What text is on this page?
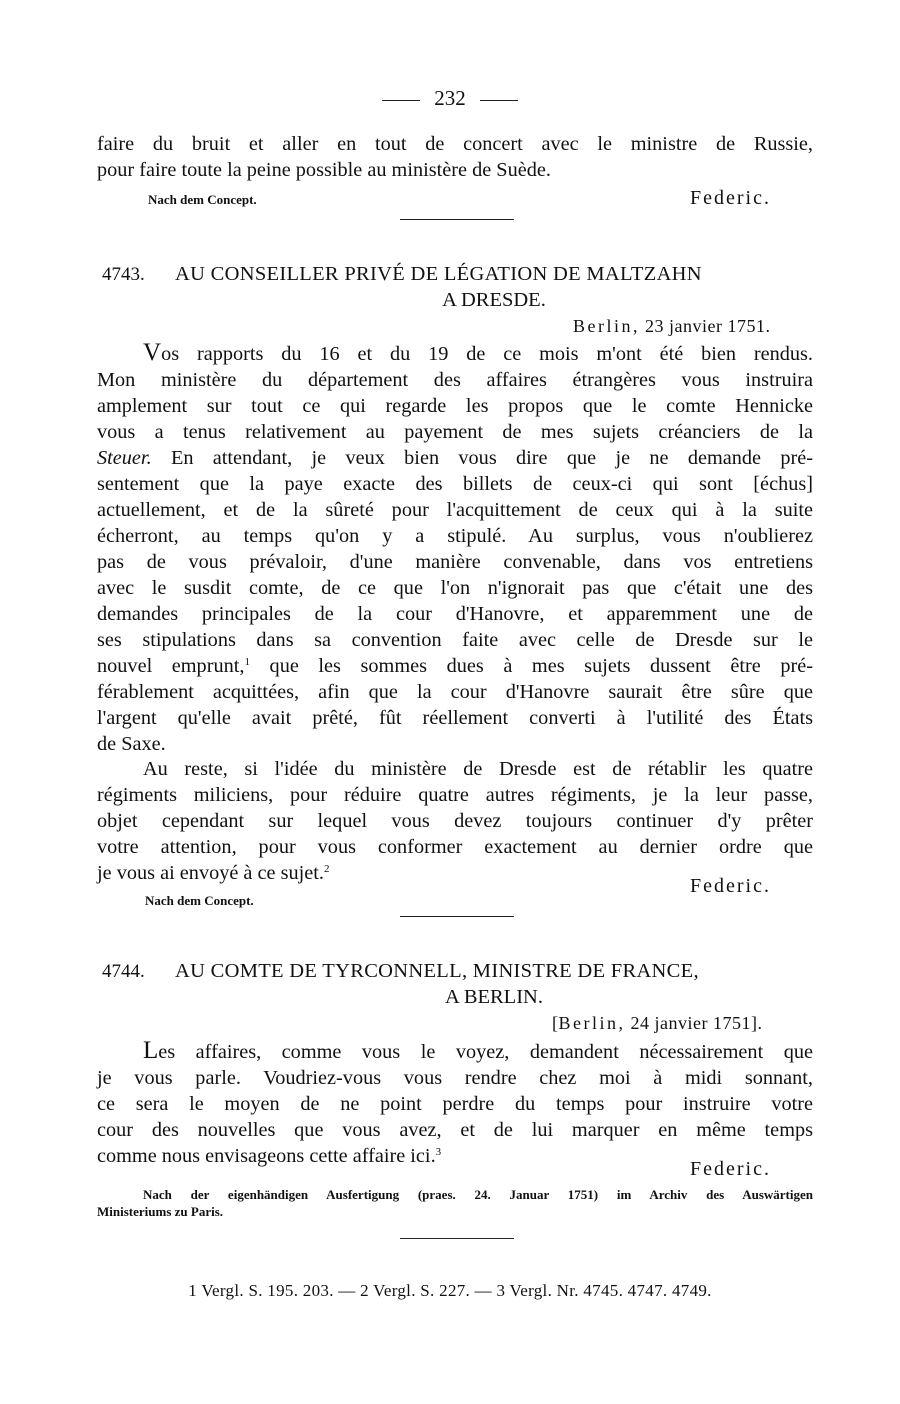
232
faire du bruit et aller en tout de concert avec le ministre de Russie,
pour faire toute la peine possible au ministère de Suède.
Nach dem Concept.	Federic.
4743.	AU CONSEILLER PRIVÉ DE LÉGATION DE MALTZAHN
A DRESDE.
Berlin, 23 janvier 1751.
Vos rapports du 16 et du 19 de ce mois m'ont été bien rendus.
Mon ministère du département des affaires étrangères vous instruira
amplement sur tout ce qui regarde les propos que le comte Hennicke
vous a tenus relativement au payement de mes sujets créanciers de la
Steuer. En attendant, je veux bien vous dire que je ne demande pré-
sentement que la paye exacte des billets de ceux-ci qui sont [échus]
actuellement, et de la sûreté pour l'acquittement de ceux qui à la suite
écherront, au temps qu'on y a stipulé. Au surplus, vous n'oublierez
pas de vous prévaloir, d'une manière convenable, dans vos entretiens
avec le susdit comte, de ce que l'on n'ignorait pas que c'était une des
demandes principales de la cour d'Hanovre, et apparemment une de
ses stipulations dans sa convention faite avec celle de Dresde sur le
nouvel emprunt,$^1$ que les sommes dues à mes sujets dussent être pré-
férablement acquittées, afin que la cour d'Hanovre saurait être sûre que
l'argent qu'elle avait prêté, fût réellement converti à l'utilité des États
de Saxe.
Au reste, si l'idée du ministère de Dresde est de rétablir les quatre
régiments miliciens, pour réduire quatre autres régiments, je la leur passe,
objet cependant sur lequel vous devez toujours continuer d'y prêter
votre attention, pour vous conformer exactement au dernier ordre que
je vous ai envoyé à ce sujet.$^2$
Federic.
Nach dem Concept.
4744.	AU COMTE DE TYRCONNELL, MINISTRE DE FRANCE,
A BERLIN.
[Berlin, 24 janvier 1751].
Les affaires, comme vous le voyez, demandent nécessairement que
je vous parle. Voudriez-vous vous rendre chez moi à midi sonnant,
ce sera le moyen de ne point perdre du temps pour instruire votre
cour des nouvelles que vous avez, et de lui marquer en même temps
comme nous envisageons cette affaire ici.$^3$
Federic.
Nach der eigenhändigen Ausfertigung (praes. 24. Januar 1751) im Archiv des Auswärtigen
Ministeriums zu Paris.
1 Vergl. S. 195. 203. — 2 Vergl. S. 227. — 3 Vergl. Nr. 4745. 4747. 4749.
